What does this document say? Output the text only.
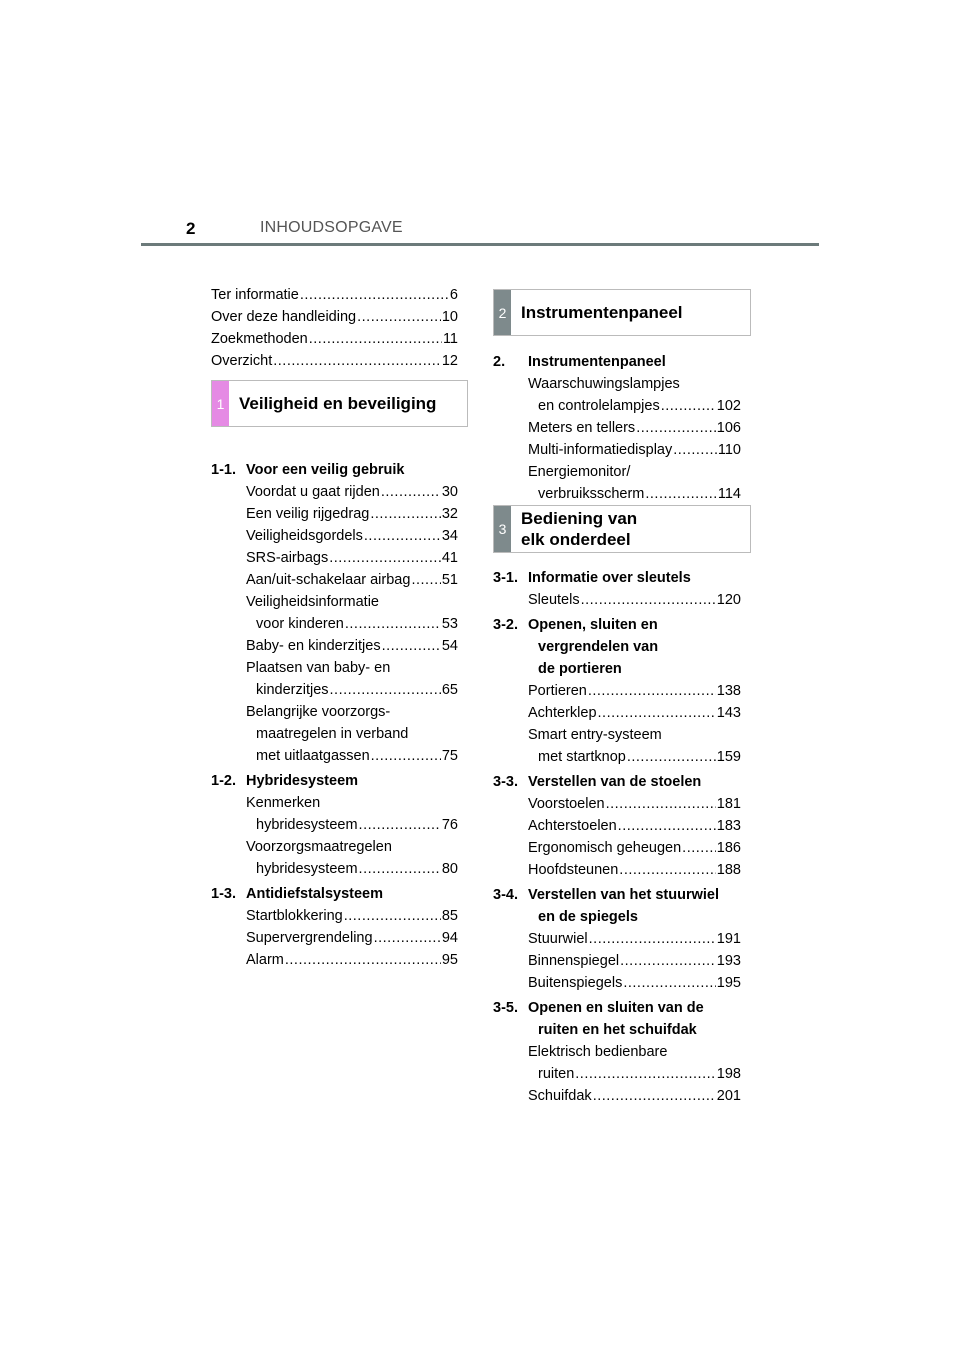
2	INHOUDSOPGAVE
Ter informatie .....	6
Over deze handleiding .....	10
Zoekmethoden .....	11
Overzicht .....	12
1-1. Voor een veilig gebruik
Voordat u gaat rijden .....	30
Een veilig rijgedrag .....	32
Veiligheidsgordels .....	34
SRS-airbags .....	41
Aan/uit-schakelaar airbag ..... 51
Veiligheidsinformatie
voor kinderen .....	53
Baby- en kinderzitjes .....	54
Plaatsen van baby- en
kinderzitjes .....	65
Belangrijke voorzorgs-
maatregelen in verband
met uitlaatgassen .....	75
1-2. Hybridesysteem
Kenmerken
hybridesysteem .....	76
Voorzorgsmaatregelen
hybridesysteem .....	80
1-3. Antidiefstalsysteem
Startblokkering .....	85
Supervergrendeling .....	94
Alarm .....	95
1 Veiligheid en beveiliging
2 Instrumentenpaneel
3
Bediening van
elk onderdeel
2.	Instrumentenpaneel
Waarschuwingslampjes
en controlelampjes .....	102
Meters en tellers .....	106
Multi-informatiedisplay .....	110
Energiemonitor/
verbruiksscherm .....	114
3-1. Informatie over sleutels
Sleutels .....	120
3-2. Openen, sluiten en
vergrendelen van
de portieren
Portieren .....	138
Achterklep .....	143
Smart entry-systeem
met startknop .....	159
3-3. Verstellen van de stoelen
Voorstoelen .....	181
Achterstoelen .....	183
Ergonomisch geheugen ..... 186
Hoofdsteunen .....	188
3-4. Verstellen van het stuurwiel
en de spiegels
Stuurwiel .....	191
Binnenspiegel .....	193
Buitenspiegels .....	195
3-5. Openen en sluiten van de
ruiten en het schuifdak
Elektrisch bedienbare
ruiten .....	198
Schuifdak .....	201
